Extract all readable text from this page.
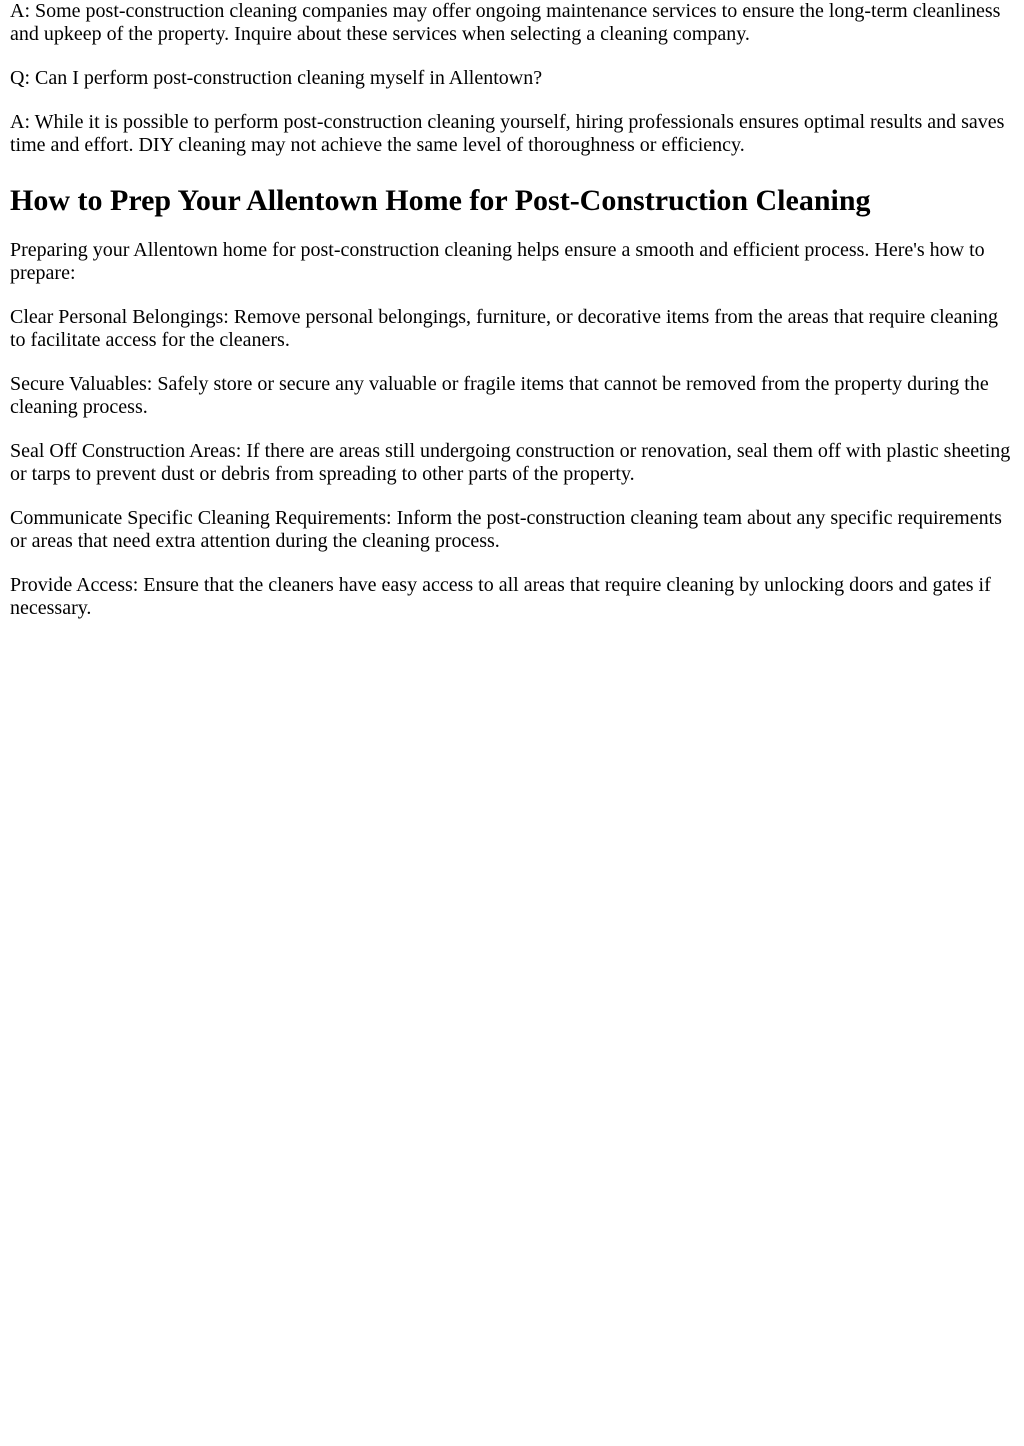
A: Some post-construction cleaning companies may offer ongoing maintenance services to ensure the long-term cleanliness and upkeep of the property. Inquire about these services when selecting a cleaning company.

Q: Can I perform post-construction cleaning myself in Allentown?

A: While it is possible to perform post-construction cleaning yourself, hiring professionals ensures optimal results and saves time and effort. DIY cleaning may not achieve the same level of thoroughness or efficiency.

How to Prep Your Allentown Home for Post-Construction Cleaning

Preparing your Allentown home for post-construction cleaning helps ensure a smooth and efficient process. Here's how to prepare:

Clear Personal Belongings: Remove personal belongings, furniture, or decorative items from the areas that require cleaning to facilitate access for the cleaners.

Secure Valuables: Safely store or secure any valuable or fragile items that cannot be removed from the property during the cleaning process.

Seal Off Construction Areas: If there are areas still undergoing construction or renovation, seal them off with plastic sheeting or tarps to prevent dust or debris from spreading to other parts of the property.

Communicate Specific Cleaning Requirements: Inform the post-construction cleaning team about any specific requirements or areas that need extra attention during the cleaning process.

Provide Access: Ensure that the cleaners have easy access to all areas that require cleaning by unlocking doors and gates if necessary.
